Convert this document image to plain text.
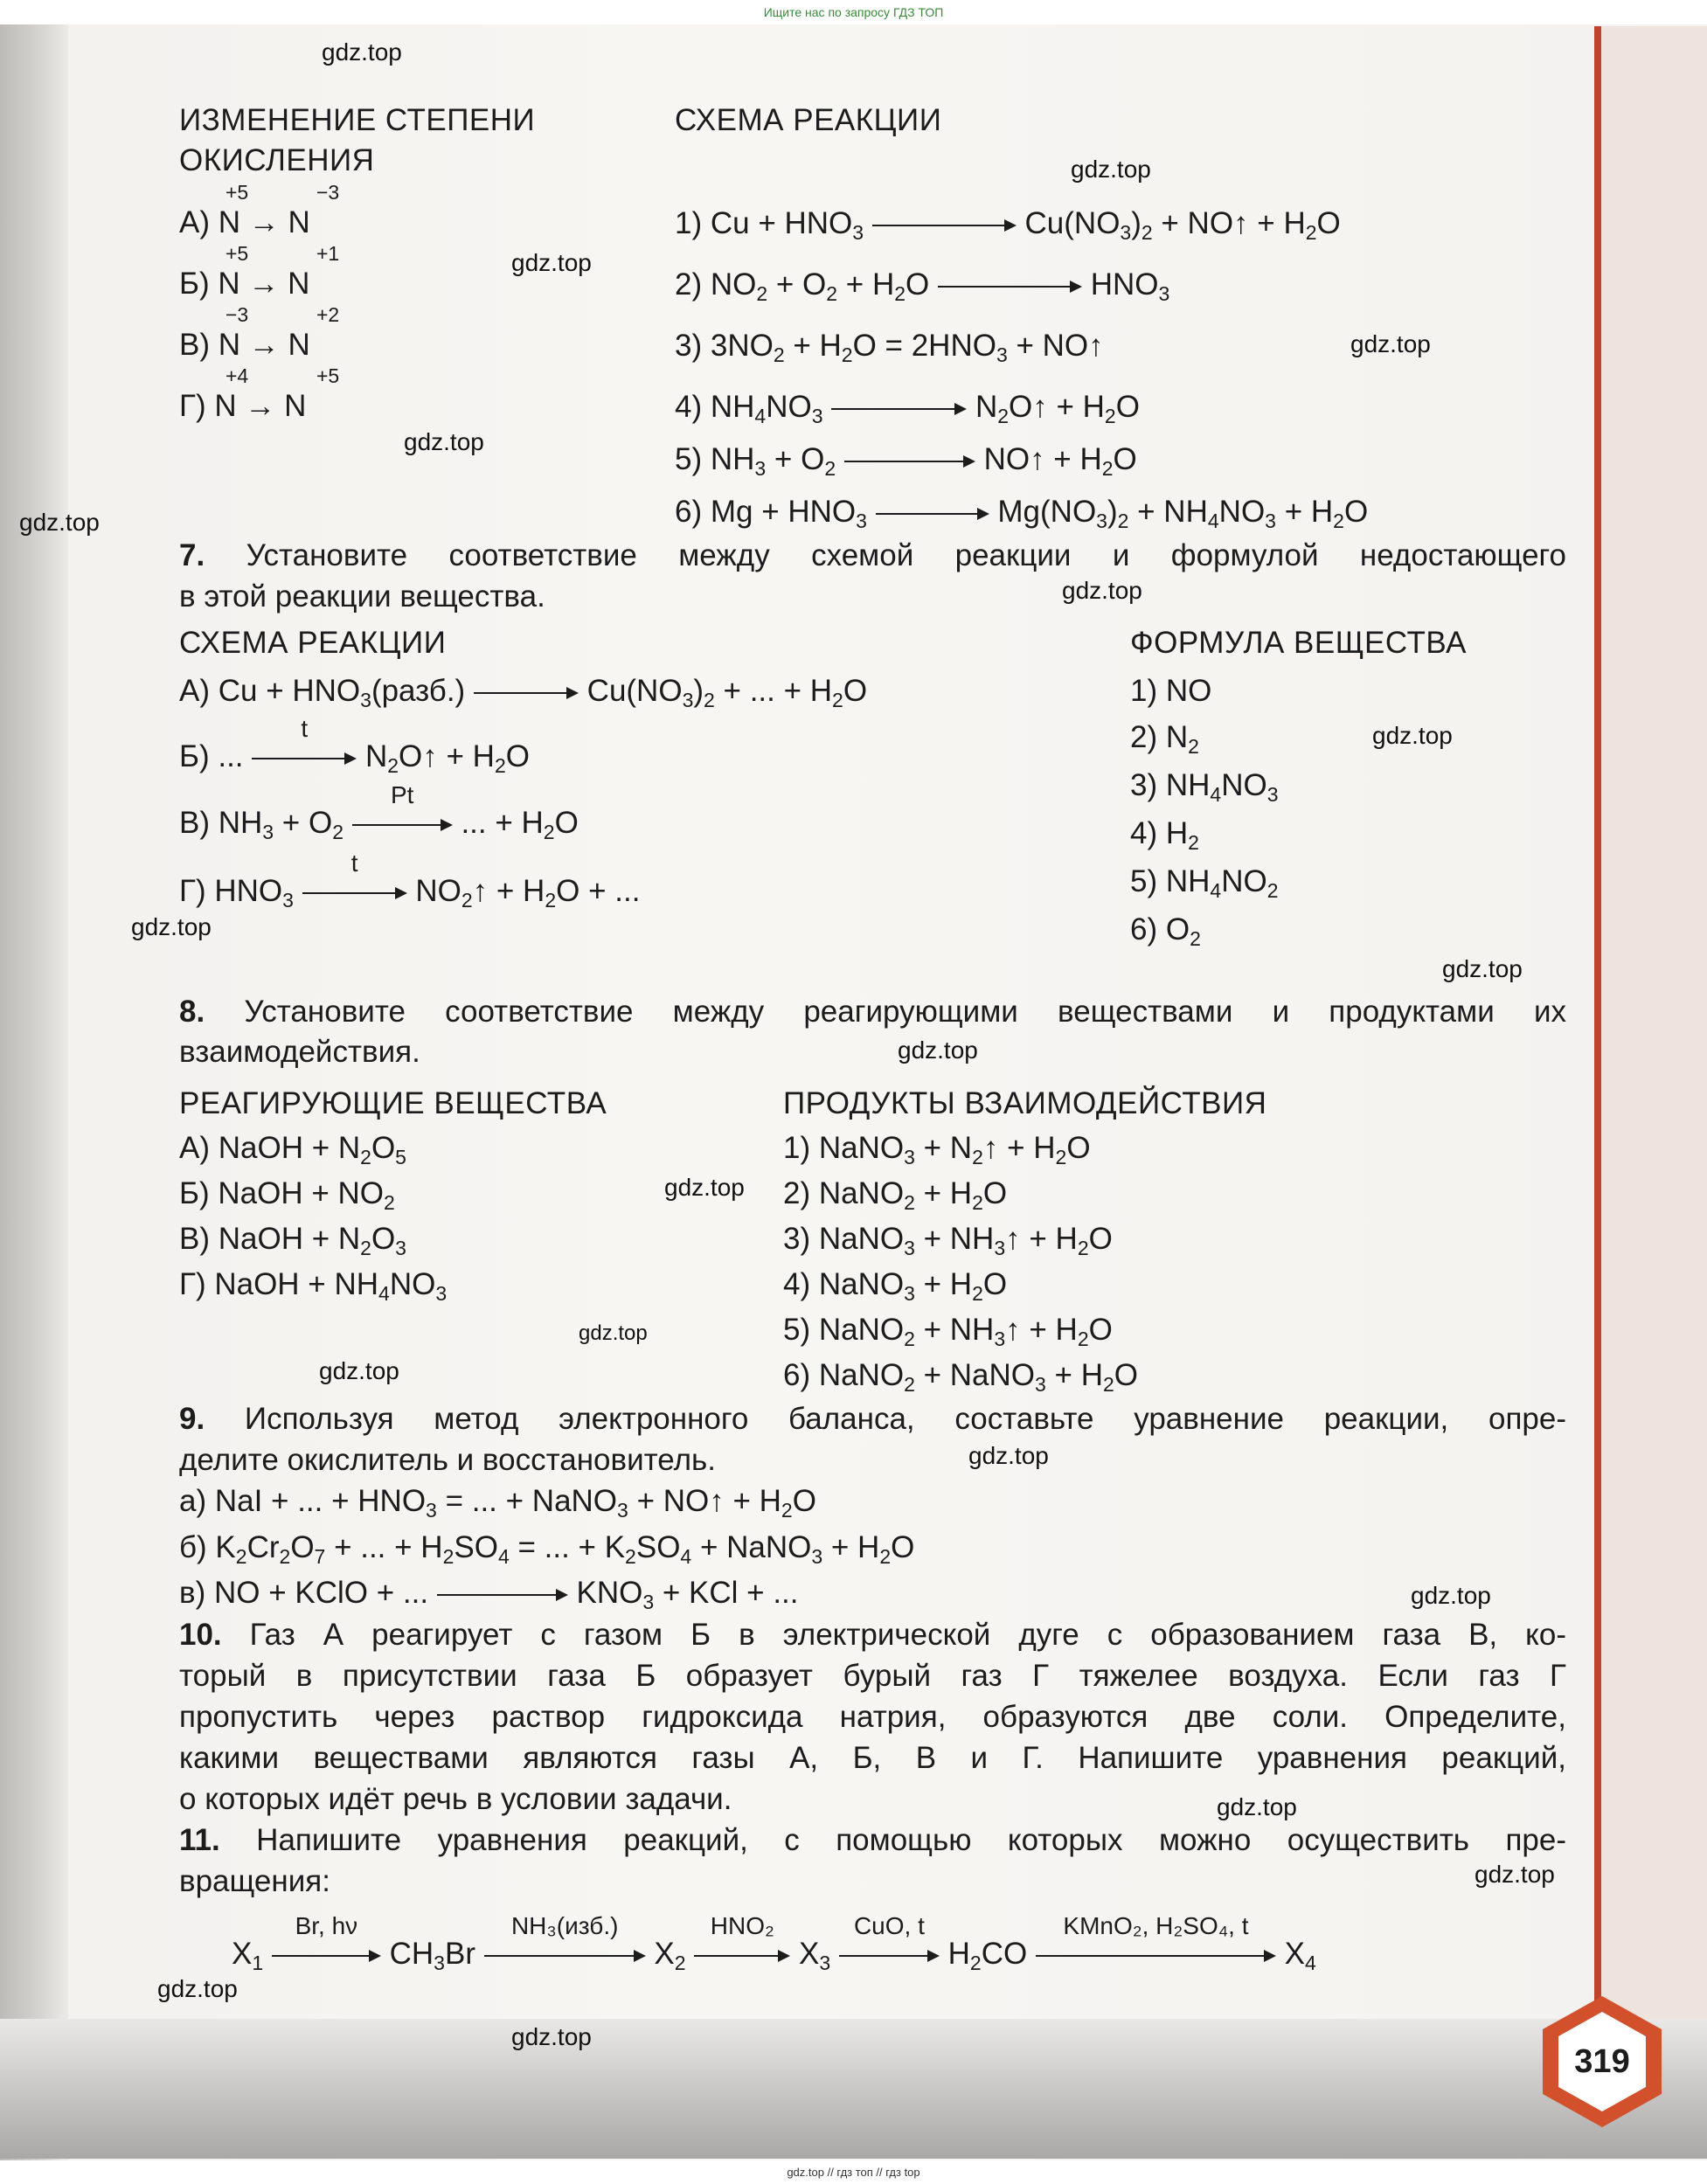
Ищите нас по запросу ГДЗ ТОП
ИЗМЕНЕНИЕ СТЕПЕНИ
ОКИСЛЕНИЯ
СХЕМА РЕАКЦИИ
+5	−3
А) N → N
+5	+1
Б) N → N
−3	+2
В) N → N
+4	+5
Г) N → N
1) $Cu + HNO_3$	$Cu(NO_3)_2$ + NO↑ + $H_2O$
2) $NO_2 + O_2 + H_2O$	$HNO_3$
3) $3NO_2 + H_2O = 2HNO_3$ + NO↑
4) $NH_4NO_3$	$N_2O↑ + H_2O$
5) $NH_3 + O_2$	NO↑ + $H_2O$
6) $Mg + HNO_3$	$Mg(NO_3)_2 + NH_4NO_3 + H_2O$
7. Установите соответствие между схемой реакции и формулой недостающего
в этой реакции вещества.
СХЕМА РЕАКЦИИ	ФОРМУЛА ВЕЩЕСТВА
А) $Cu + HNO_3(разб.)$	$Cu(NO_3)_2$ + ... + $H_2O$
Б) ...
t
$N_2O↑ + H_2O$
В) $NH_3 + O_2$
Pt
... + $H_2O$
Г) $HNO_3$
t
$NO_2↑ + H_2O$ + ...
1) NO
2) $N_2$
3) $NH_4NO_3$
4) $H_2$
5) $NH_4NO_2$
6) $O_2$
8. Установите соответствие между реагирующими веществами и продуктами их
взаимодействия.
РЕАГИРУЮЩИЕ ВЕЩЕСТВА	ПРОДУКТЫ ВЗАИМОДЕЙСТВИЯ
А) NaOH + $N_2O_5$
Б) NaOH + $NO_2$
В) NaOH + $N_2O_3$
Г) NaOH + $NH_4NO_3$
1) NaNO$_3$ + $N_2↑ + H_2O$
2) NaNO$_2$ + $H_2O$
3) NaNO$_3$ + $NH_3↑ + H_2O$
4) NaNO$_3$ + $H_2O$
5) NaNO$_2$ + $NH_3↑ + H_2O$
6) NaNO$_2$ + NaNO$_3$ + $H_2O$
9. Используя метод электронного баланса, составьте уравнение реакции, опре-
делите окислитель и восстановитель.
а) NaI + ... + $HNO_3$ = ... + NaNO$_3$ + NO↑ + $H_2O$
б) $K_2Cr_2O_7$ + ... + $H_2SO_4$ = ... + $K_2SO_4$ + NaNO$_3$ + $H_2O$
в) NO + KClO + ...	$KNO_3$ + KCl + ...
10. Газ А реагирует с газом Б в электрической дуге с образованием газа В, ко-
торый в присутствии газа Б образует бурый газ Г тяжелее воздуха. Если газ Г
пропустить через раствор гидроксида натрия, образуются две соли. Определите,
какими веществами являются газы А, Б, В и Г. Напишите уравнения реакций,
о которых идёт речь в условии задачи.
11. Напишите уравнения реакций, с помощью которых можно осуществить пре-
вращения:
$X_1$
Br, hν
$CH_3Br$
NH₃(изб.)
$X_2$
HNO₂
$X_3$
CuO, t
$H_2CO$
KMnO₂, H₂SO₄, t
$X_4$
319
gdz.top
gdz.top
gdz.top
gdz.top
gdz.top
gdz.top
gdz.top
gdz.top
gdz.top
gdz.top
gdz.top
gdz.top
gdz.top
gdz.top
gdz.top
gdz.top
gdz.top
gdz.top
gdz.top
gdz.top
gdz.top // гдз топ // гдз top
